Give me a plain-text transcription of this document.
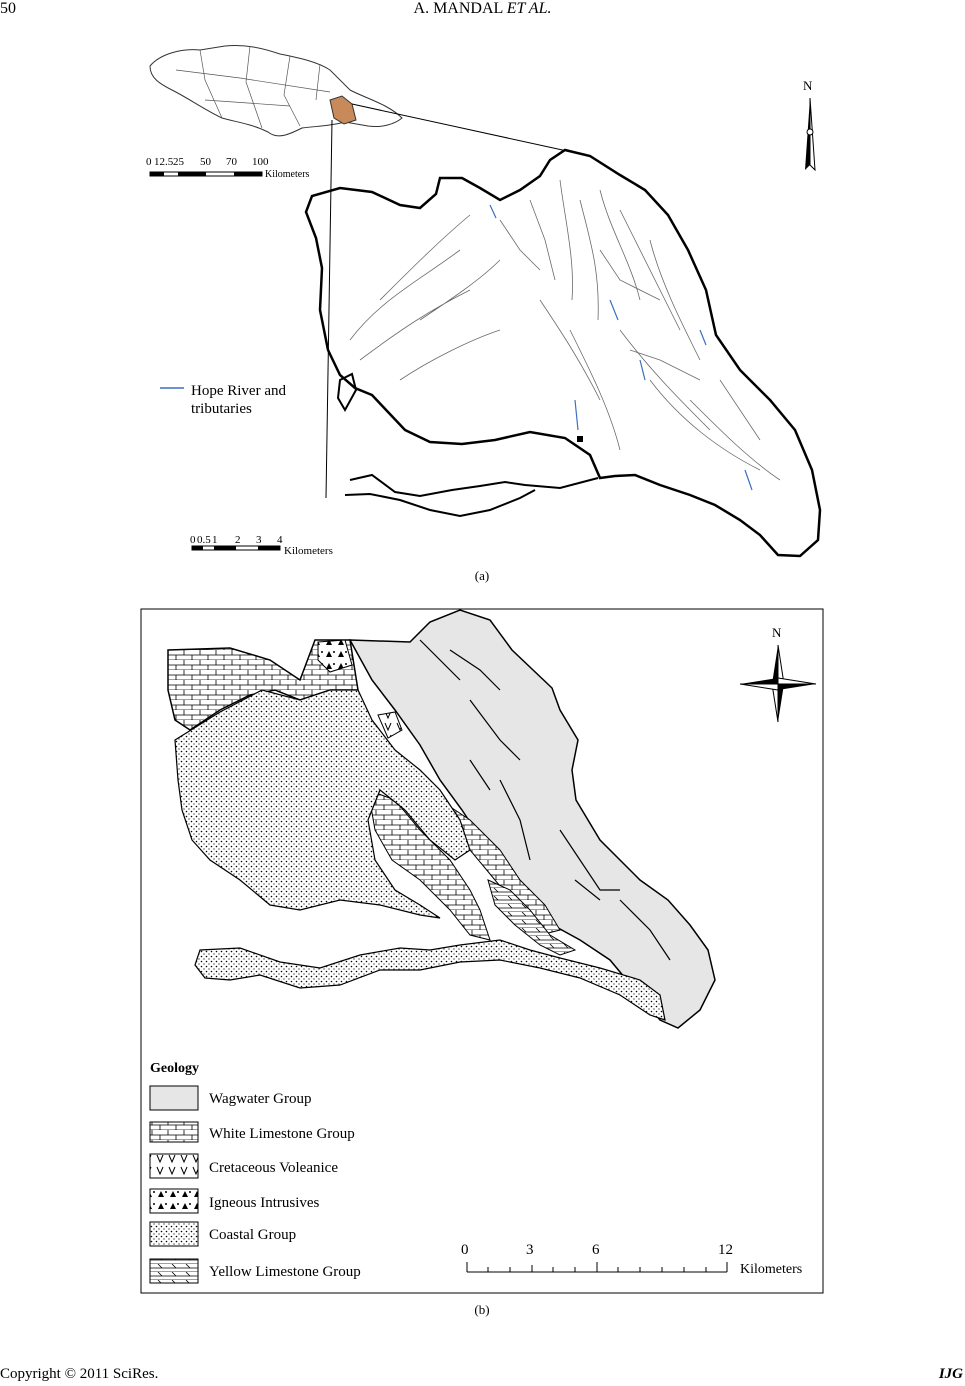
50	A. MANDAL ET AL.
0 12.5 25 50 70 100
Kilometers
N
Hope River and
tributaries
0 0.5 1 2 3 4
Kilometers
(a)
N
Geology
Wagwater Group
White Limestone Group
Cretaceous Voleanice
Igneous Intrusives
Coastal Group
Yellow Limestone Group
0	3	6	12
Kilometers
(b)
Copyright © 2011 SciRes.	IJG
